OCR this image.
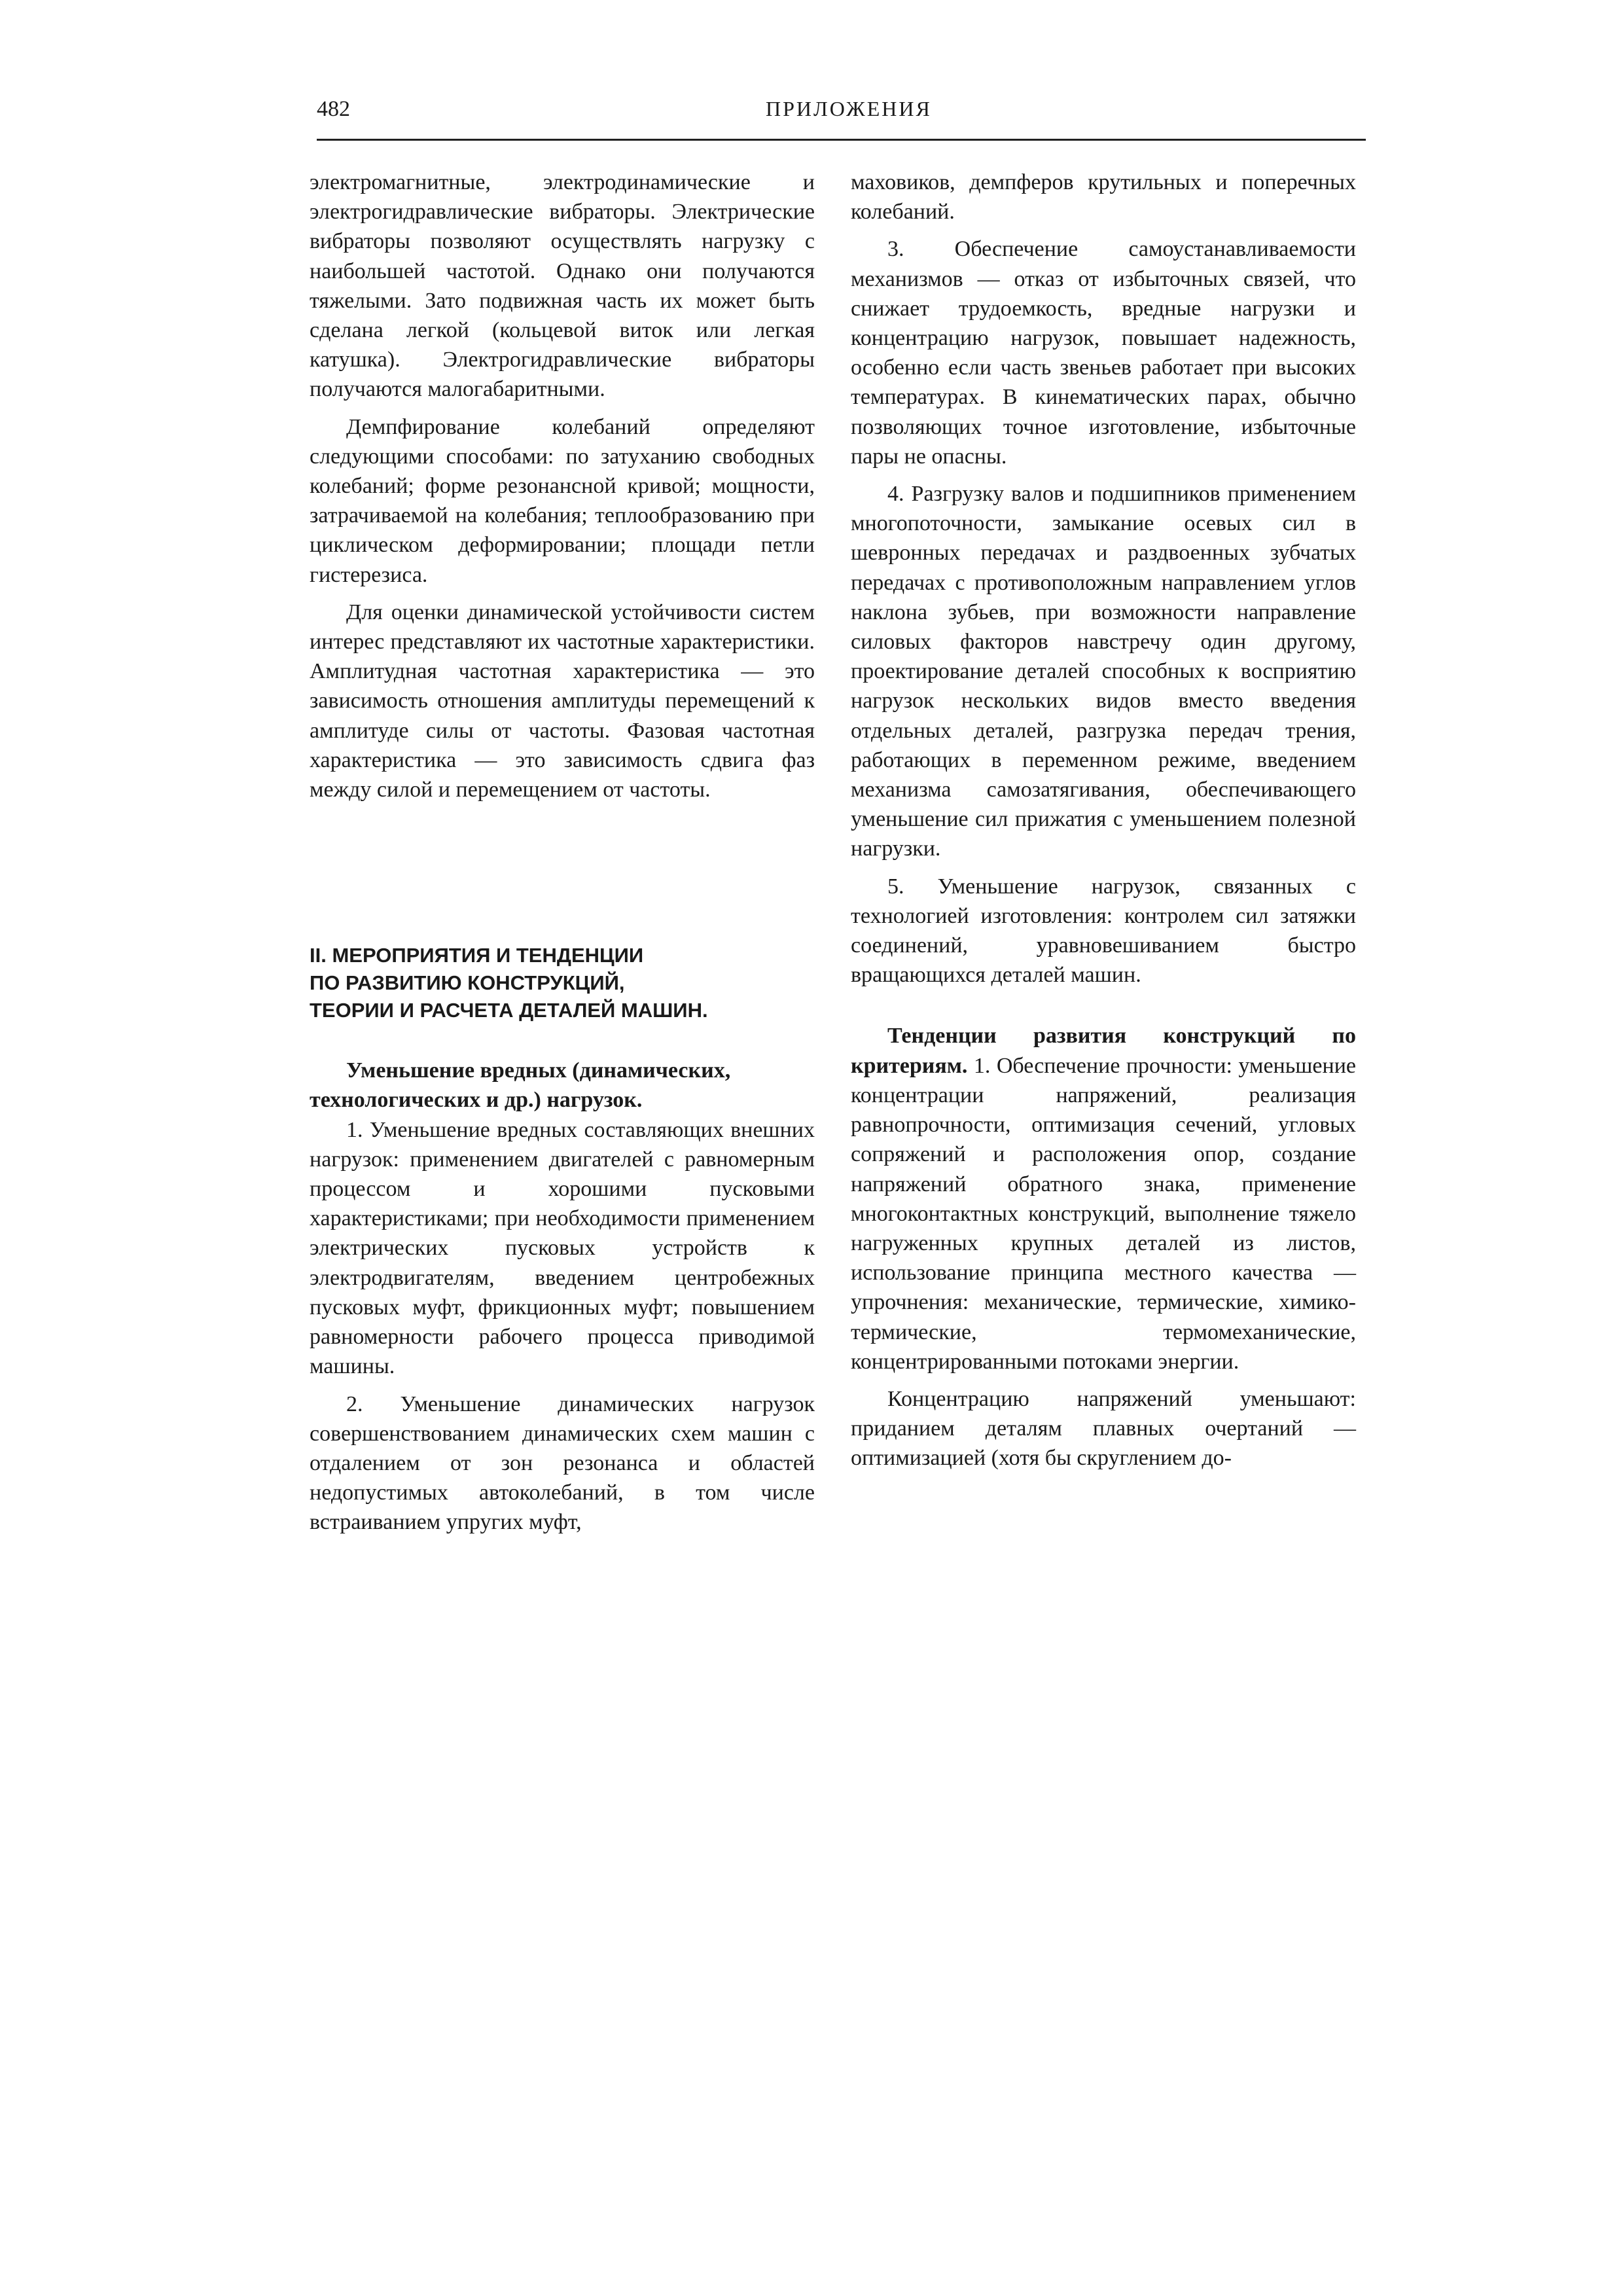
482	ПРИЛОЖЕНИЯ

электромагнитные, электродинамические и электрогидравлические вибраторы. Электрические вибраторы позволяют осуществлять нагрузку с наибольшей частотой. Однако они получаются тяжелыми. Зато подвижная часть их может быть сделана легкой (кольцевой виток или легкая катушка). Электрогидравлические вибраторы получаются малогабаритными.

Демпфирование колебаний определяют следующими способами: по затуханию свободных колебаний; форме резонансной кривой; мощности, затрачиваемой на колебания; теплообразованию при циклическом деформировании; площади петли гистерезиса.

Для оценки динамической устойчивости систем интерес представляют их частотные характеристики. Амплитудная частотная характеристика — это зависимость отношения амплитуды перемещений к амплитуде силы от частоты. Фазовая частотная характеристика — это зависимость сдвига фаз между силой и перемещением от частоты.

II. МЕРОПРИЯТИЯ И ТЕНДЕНЦИИ
ПО РАЗВИТИЮ КОНСТРУКЦИЙ,
ТЕОРИИ И РАСЧЕТА ДЕТАЛЕЙ МАШИН.

Уменьшение вредных (динамических, технологических и др.) нагрузок.

1. Уменьшение вредных составляющих внешних нагрузок: применением двигателей с равномерным процессом и хорошими пусковыми характеристиками; при необходимости применением электрических пусковых устройств к электродвигателям, введением центробежных пусковых муфт, фрикционных муфт; повышением равномерности рабочего процесса приводимой машины.

2. Уменьшение динамических нагрузок совершенствованием динамических схем машин с отдалением от зон резонанса и областей недопустимых автоколебаний, в том числе встраиванием упругих муфт,

маховиков, демпферов крутильных и поперечных колебаний.

3. Обеспечение самоустанавливаемости механизмов — отказ от избыточных связей, что снижает трудоемкость, вредные нагрузки и концентрацию нагрузок, повышает надежность, особенно если часть звеньев работает при высоких температурах. В кинематических парах, обычно позволяющих точное изготовление, избыточные пары не опасны.

4. Разгрузку валов и подшипников применением многопоточности, замыкание осевых сил в шевронных передачах и раздвоенных зубчатых передачах с противоположным направлением углов наклона зубьев, при возможности направление силовых факторов навстречу один другому, проектирование деталей способных к восприятию нагрузок нескольких видов вместо введения отдельных деталей, разгрузка передач трения, работающих в переменном режиме, введением механизма самозатягивания, обеспечивающего уменьшение сил прижатия с уменьшением полезной нагрузки.

5. Уменьшение нагрузок, связанных с технологией изготовления: контролем сил затяжки соединений, уравновешиванием быстро вращающихся деталей машин.

Тенденции развития конструкций по критериям. 1. Обеспечение прочности: уменьшение концентрации напряжений, реализация равнопрочности, оптимизация сечений, угловых сопряжений и расположения опор, создание напряжений обратного знака, применение многоконтактных конструкций, выполнение тяжело нагруженных крупных деталей из листов, использование принципа местного качества — упрочнения: механические, термические, химико-термические, термомеханические, концентрированными потоками энергии.

Концентрацию напряжений уменьшают: приданием деталям плавных очертаний — оптимизацией (хотя бы скруглением до-
